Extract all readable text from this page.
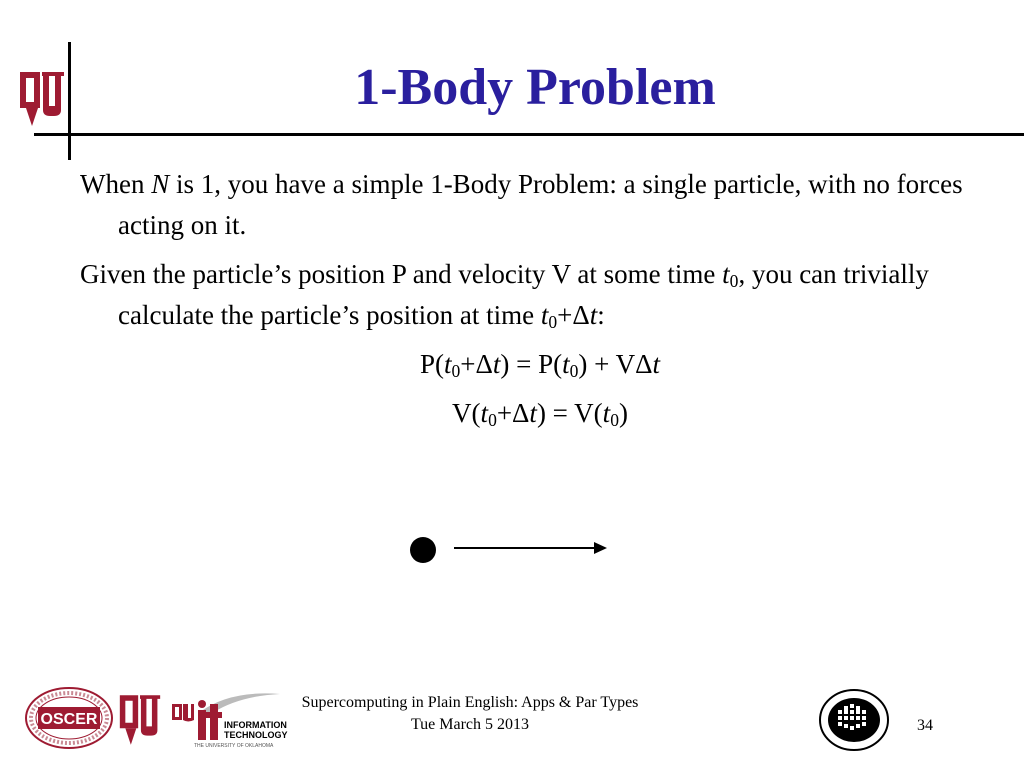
1-Body Problem

When N is 1, you have a simple 1-Body Problem: a single particle, with no forces acting on it.

Given the particle’s position P and velocity V at some time $t_0$, you can trivially calculate the particle’s position at time $t_0+\Delta t$:

$P(t_0+\Delta t) = P(t_0) + V\Delta t$

$V(t_0+\Delta t) = V(t_0)$

OSCER	INFORMATION
TECHNOLOGY
THE UNIVERSITY OF OKLAHOMA
Supercomputing in Plain English: Apps & Par Types
Tue March 5 2013	34
